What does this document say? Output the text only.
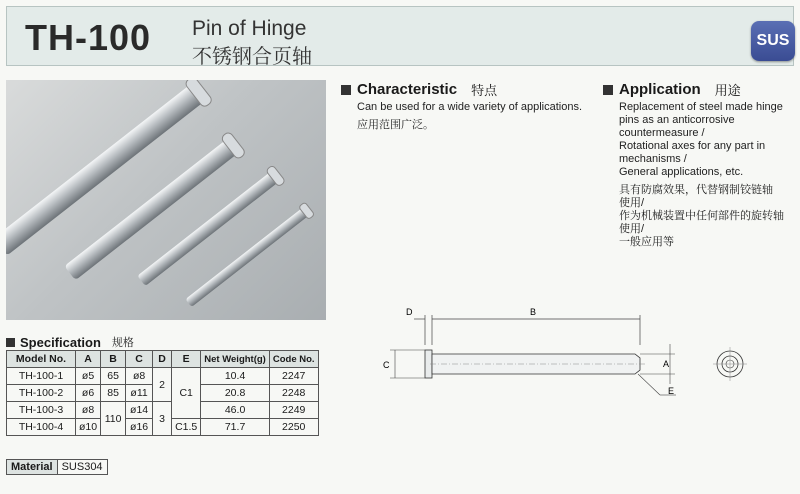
TH-100 Pin of Hinge
不锈钢合页轴
SUS
Characteristic 特点
Can be used for a wide variety of applications.
应用范围广泛。
Application 用途
Replacement of steel made hinge
pins as an anticorrosive
countermeasure /
Rotational axes for any part in
mechanisms /
General applications, etc.
具有防腐效果，代替钢制铰链轴
使用/
作为机械装置中任何部件的旋转轴
使用/
一般应用等
Specification 规格
Model No.	A	B	C	D	E	Net Weight(g)	Code No.
TH-100-1	ø5	65	ø8	2	C1	10.4	2247
TH-100-2	ø6	85	ø11			20.8	2248
TH-100-3	ø8	110	ø14	3		46.0	2249
TH-100-4	ø10		ø16		C1.5	71.7	2250
Material SUS304
D	B
C	A
E
